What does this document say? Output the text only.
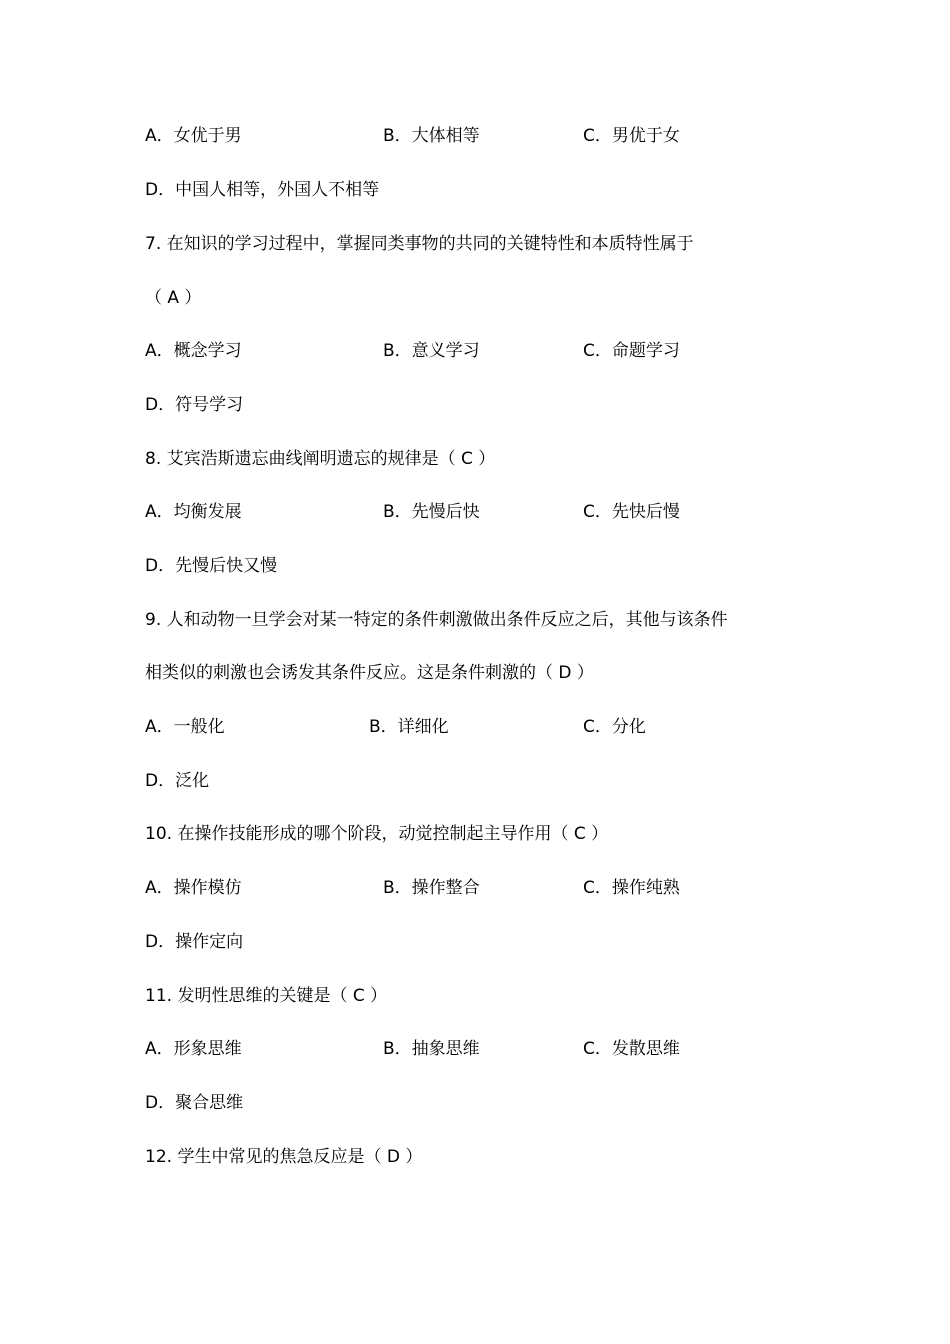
A．女优于男	B．大体相等	C．男优于女
D．中国人相等，外国人不相等
7. 在知识的学习过程中，掌握同类事物的共同的关键特性和本质特性属于
（ A ）
A．概念学习	B．意义学习	C．命题学习
D．符号学习
8. 艾宾浩斯遗忘曲线阐明遗忘的规律是（ C ）
A．均衡发展	B．先慢后快	C．先快后慢
D．先慢后快又慢
9. 人和动物一旦学会对某一特定的条件刺激做出条件反应之后，其他与该条件
相类似的刺激也会诱发其条件反应。这是条件刺激的（ D ）
A．一般化	B．详细化	C．分化
D．泛化
10. 在操作技能形成的哪个阶段，动觉控制起主导作用（ C ）
A．操作模仿	B．操作整合	C．操作纯熟
D．操作定向
11. 发明性思维的关键是（ C ）
A．形象思维	B．抽象思维	C．发散思维
D．聚合思维
12. 学生中常见的焦急反应是（ D ）
